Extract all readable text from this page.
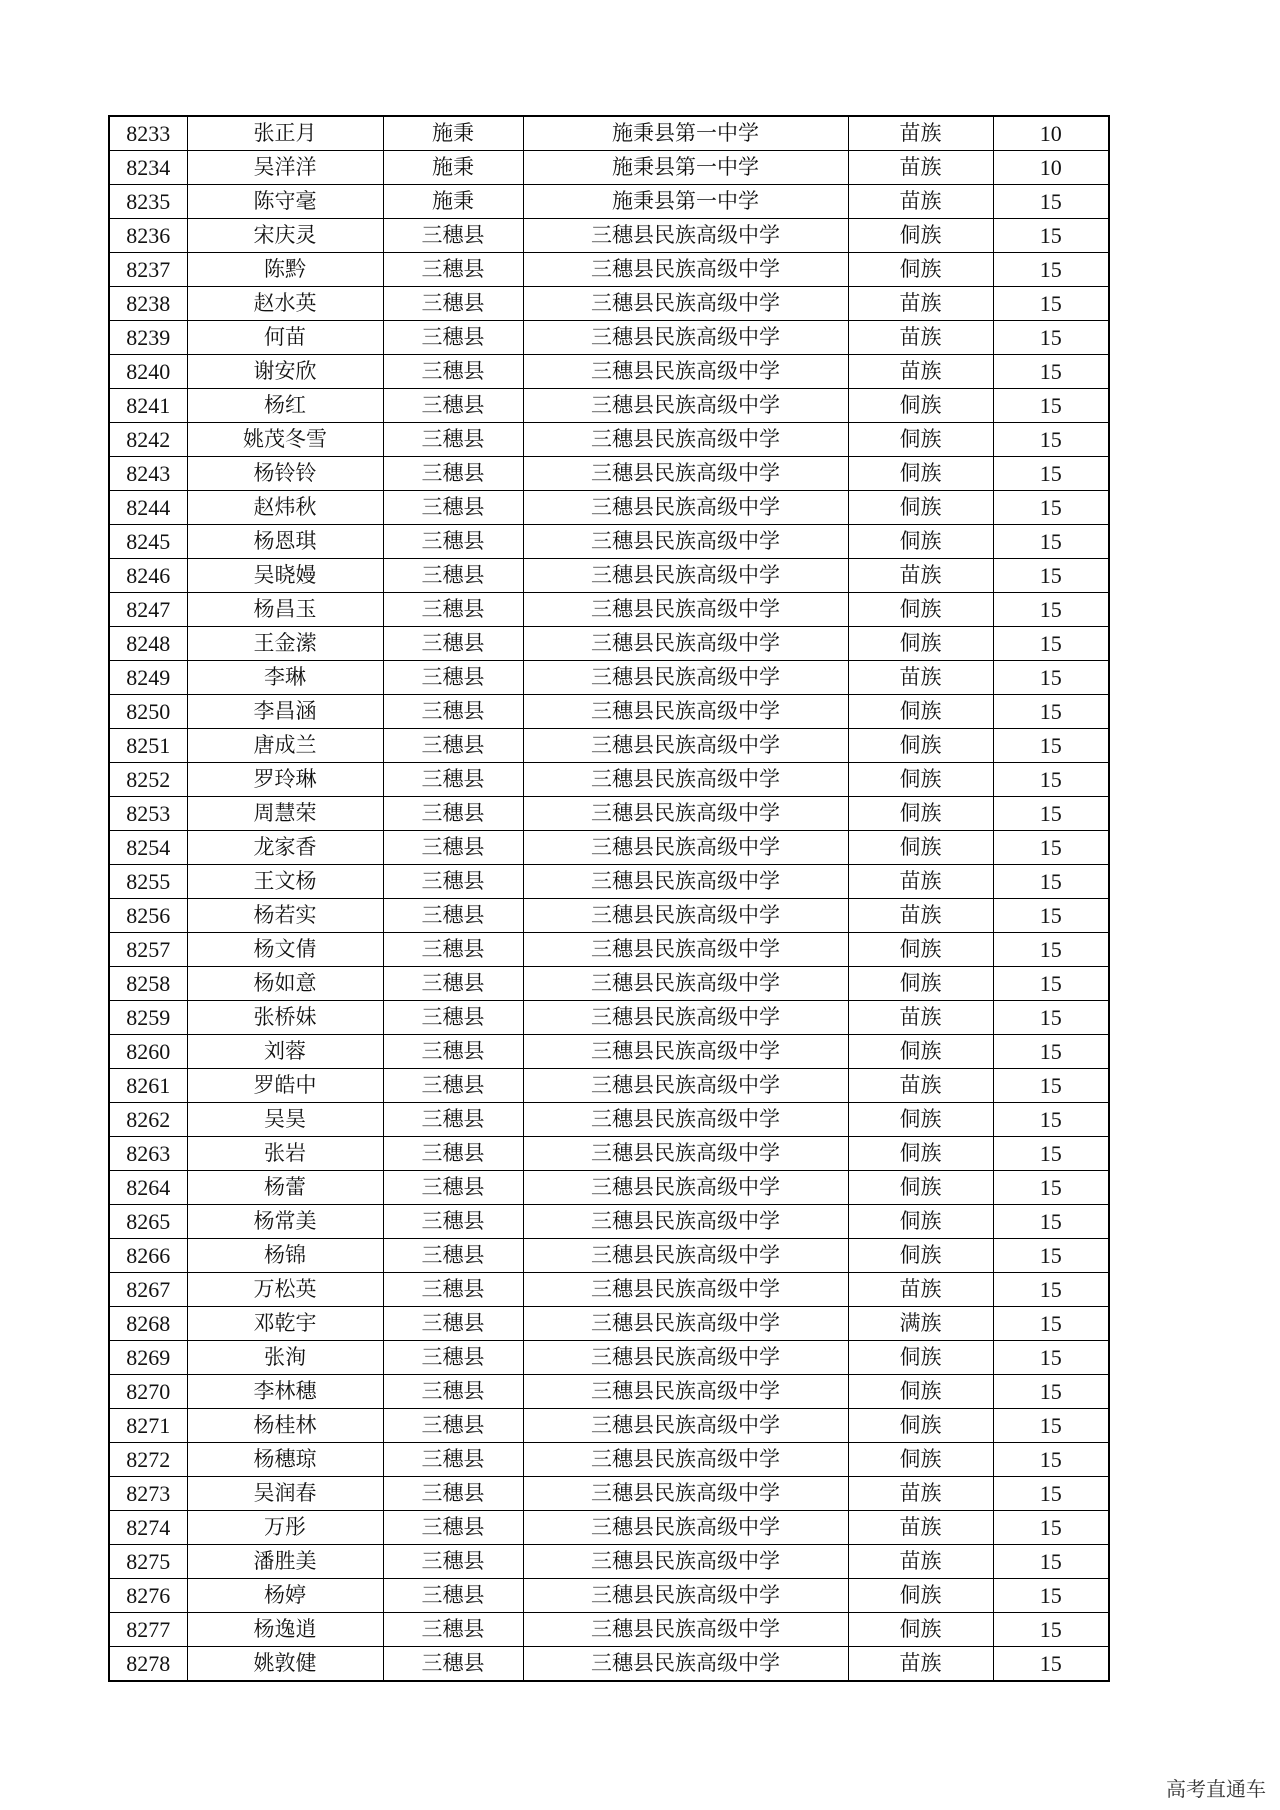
8233	张正月	施秉	施秉县第一中学	苗族	10
8234	吴洋洋	施秉	施秉县第一中学	苗族	10
8235	陈守毫	施秉	施秉县第一中学	苗族	15
8236	宋庆灵	三穗县	三穗县民族高级中学	侗族	15
8237	陈黔	三穗县	三穗县民族高级中学	侗族	15
8238	赵水英	三穗县	三穗县民族高级中学	苗族	15
8239	何苗	三穗县	三穗县民族高级中学	苗族	15
8240	谢安欣	三穗县	三穗县民族高级中学	苗族	15
8241	杨红	三穗县	三穗县民族高级中学	侗族	15
8242	姚茂冬雪	三穗县	三穗县民族高级中学	侗族	15
8243	杨铃铃	三穗县	三穗县民族高级中学	侗族	15
8244	赵炜秋	三穗县	三穗县民族高级中学	侗族	15
8245	杨恩琪	三穗县	三穗县民族高级中学	侗族	15
8246	吴晓嫚	三穗县	三穗县民族高级中学	苗族	15
8247	杨昌玉	三穗县	三穗县民族高级中学	侗族	15
8248	王金潆	三穗县	三穗县民族高级中学	侗族	15
8249	李琳	三穗县	三穗县民族高级中学	苗族	15
8250	李昌涵	三穗县	三穗县民族高级中学	侗族	15
8251	唐成兰	三穗县	三穗县民族高级中学	侗族	15
8252	罗玲琳	三穗县	三穗县民族高级中学	侗族	15
8253	周慧荣	三穗县	三穗县民族高级中学	侗族	15
8254	龙家香	三穗县	三穗县民族高级中学	侗族	15
8255	王文杨	三穗县	三穗县民族高级中学	苗族	15
8256	杨若实	三穗县	三穗县民族高级中学	苗族	15
8257	杨文倩	三穗县	三穗县民族高级中学	侗族	15
8258	杨如意	三穗县	三穗县民族高级中学	侗族	15
8259	张桥妹	三穗县	三穗县民族高级中学	苗族	15
8260	刘蓉	三穗县	三穗县民族高级中学	侗族	15
8261	罗皓中	三穗县	三穗县民族高级中学	苗族	15
8262	吴昊	三穗县	三穗县民族高级中学	侗族	15
8263	张岩	三穗县	三穗县民族高级中学	侗族	15
8264	杨蕾	三穗县	三穗县民族高级中学	侗族	15
8265	杨常美	三穗县	三穗县民族高级中学	侗族	15
8266	杨锦	三穗县	三穗县民族高级中学	侗族	15
8267	万松英	三穗县	三穗县民族高级中学	苗族	15
8268	邓乾宇	三穗县	三穗县民族高级中学	满族	15
8269	张洵	三穗县	三穗县民族高级中学	侗族	15
8270	李林穗	三穗县	三穗县民族高级中学	侗族	15
8271	杨桂林	三穗县	三穗县民族高级中学	侗族	15
8272	杨穗琼	三穗县	三穗县民族高级中学	侗族	15
8273	吴润春	三穗县	三穗县民族高级中学	苗族	15
8274	万彤	三穗县	三穗县民族高级中学	苗族	15
8275	潘胜美	三穗县	三穗县民族高级中学	苗族	15
8276	杨婷	三穗县	三穗县民族高级中学	侗族	15
8277	杨逸逍	三穗县	三穗县民族高级中学	侗族	15
8278	姚敦健	三穗县	三穗县民族高级中学	苗族	15
高考直通车
